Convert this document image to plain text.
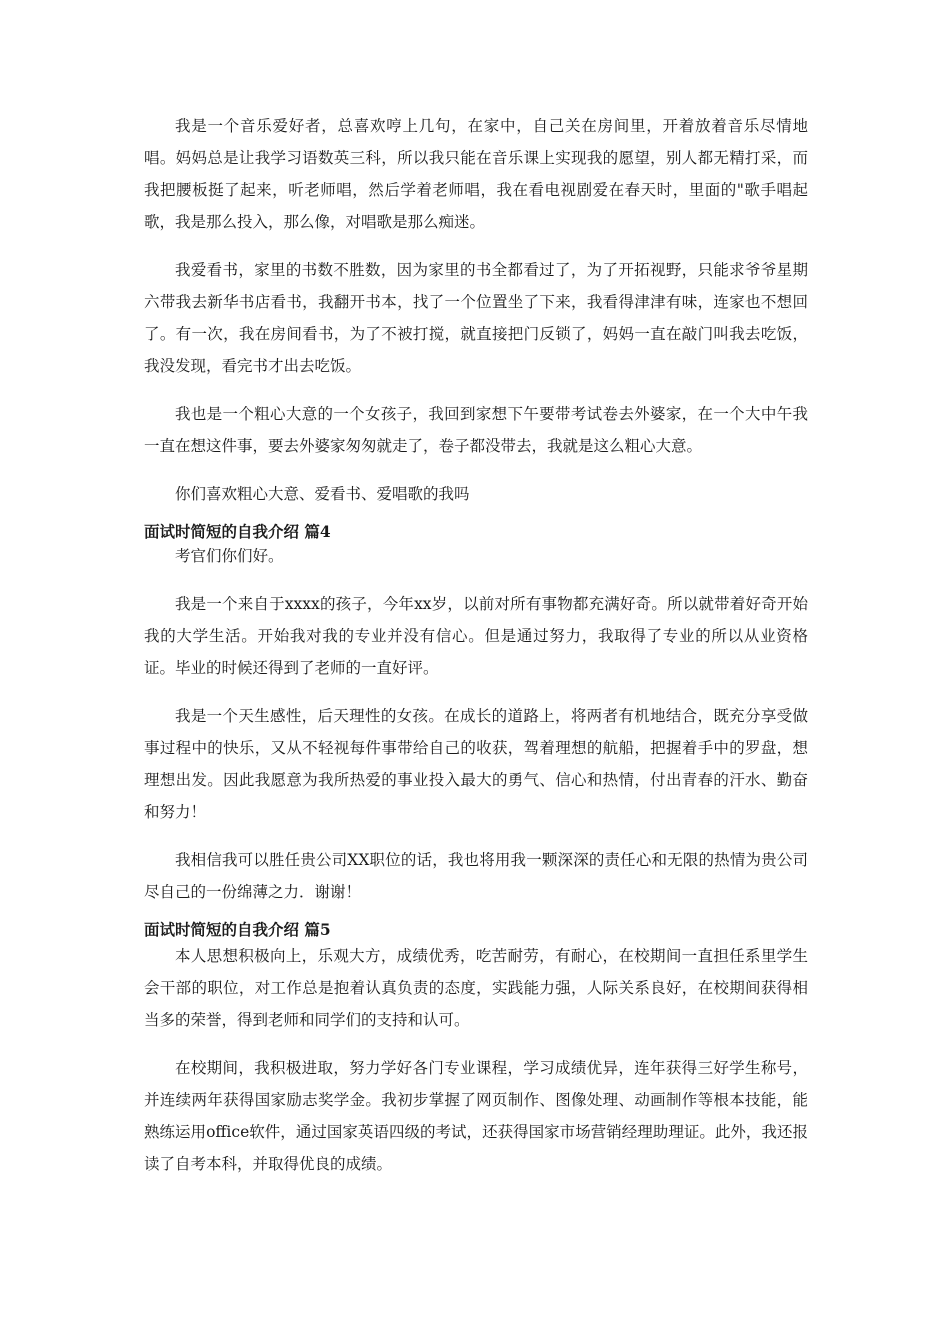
我是一个音乐爱好者，总喜欢哼上几句，在家中，自己关在房间里，开着放着音乐尽情地唱。妈妈总是让我学习语数英三科，所以我只能在音乐课上实现我的愿望，别人都无精打采，而我把腰板挺了起来，听老师唱，然后学着老师唱，我在看电视剧爱在春天时，里面的"歌手唱起歌，我是那么投入，那么像，对唱歌是那么痴迷。

我爱看书，家里的书数不胜数，因为家里的书全都看过了，为了开拓视野，只能求爷爷星期六带我去新华书店看书，我翻开书本，找了一个位置坐了下来，我看得津津有味，连家也不想回了。有一次，我在房间看书，为了不被打搅，就直接把门反锁了，妈妈一直在敲门叫我去吃饭，我没发现，看完书才出去吃饭。

我也是一个粗心大意的一个女孩子，我回到家想下午要带考试卷去外婆家，在一个大中午我一直在想这件事，要去外婆家匆匆就走了，卷子都没带去，我就是这么粗心大意。

你们喜欢粗心大意、爱看书、爱唱歌的我吗

面试时简短的自我介绍 篇4

考官们你们好。

我是一个来自于xxxx的孩子，今年xx岁，以前对所有事物都充满好奇。所以就带着好奇开始我的大学生活。开始我对我的专业并没有信心。但是通过努力，我取得了专业的所以从业资格证。毕业的时候还得到了老师的一直好评。

我是一个天生感性，后天理性的女孩。在成长的道路上，将两者有机地结合，既充分享受做事过程中的快乐，又从不轻视每件事带给自己的收获，驾着理想的航船，把握着手中的罗盘，想理想出发。因此我愿意为我所热爱的事业投入最大的勇气、信心和热情，付出青春的汗水、勤奋和努力！

我相信我可以胜任贵公司XX职位的话，我也将用我一颗深深的责任心和无限的热情为贵公司尽自己的一份绵薄之力．谢谢！

面试时简短的自我介绍 篇5

本人思想积极向上，乐观大方，成绩优秀，吃苦耐劳，有耐心，在校期间一直担任系里学生会干部的职位，对工作总是抱着认真负责的态度，实践能力强，人际关系良好，在校期间获得相当多的荣誉，得到老师和同学们的支持和认可。

在校期间，我积极进取，努力学好各门专业课程，学习成绩优异，连年获得三好学生称号，并连续两年获得国家励志奖学金。我初步掌握了网页制作、图像处理、动画制作等根本技能，能熟练运用office软件，通过国家英语四级的考试，还获得国家市场营销经理助理证。此外，我还报读了自考本科，并取得优良的成绩。
